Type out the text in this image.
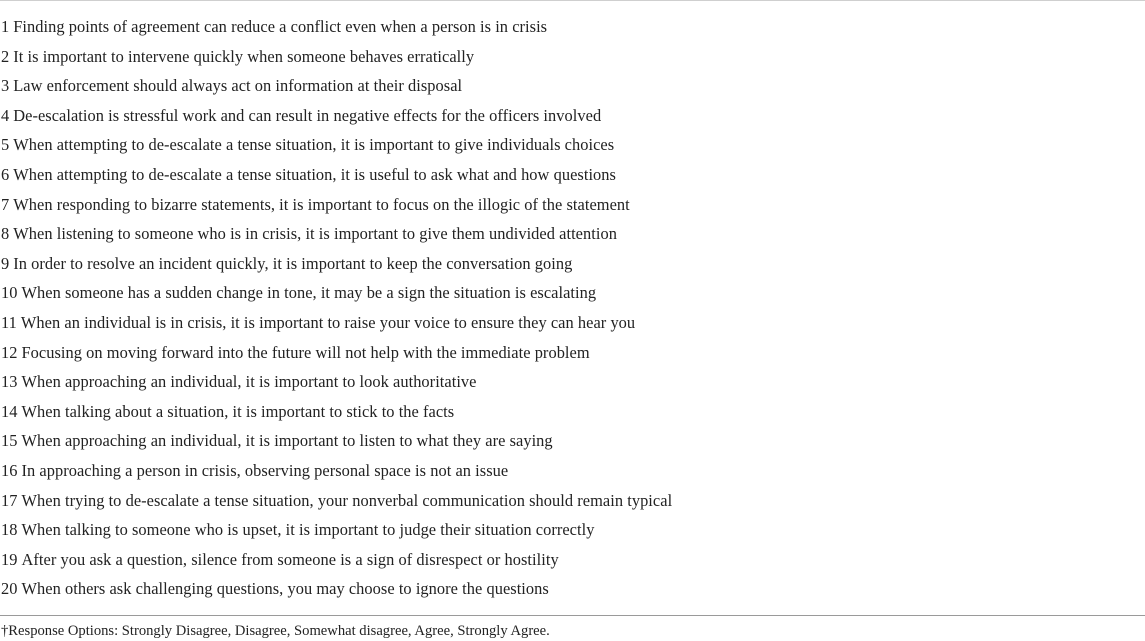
1 Finding points of agreement can reduce a conflict even when a person is in crisis
2 It is important to intervene quickly when someone behaves erratically
3 Law enforcement should always act on information at their disposal
4 De-escalation is stressful work and can result in negative effects for the officers involved
5 When attempting to de-escalate a tense situation, it is important to give individuals choices
6 When attempting to de-escalate a tense situation, it is useful to ask what and how questions
7 When responding to bizarre statements, it is important to focus on the illogic of the statement
8 When listening to someone who is in crisis, it is important to give them undivided attention
9 In order to resolve an incident quickly, it is important to keep the conversation going
10 When someone has a sudden change in tone, it may be a sign the situation is escalating
11 When an individual is in crisis, it is important to raise your voice to ensure they can hear you
12 Focusing on moving forward into the future will not help with the immediate problem
13 When approaching an individual, it is important to look authoritative
14 When talking about a situation, it is important to stick to the facts
15 When approaching an individual, it is important to listen to what they are saying
16 In approaching a person in crisis, observing personal space is not an issue
17 When trying to de-escalate a tense situation, your nonverbal communication should remain typical
18 When talking to someone who is upset, it is important to judge their situation correctly
19 After you ask a question, silence from someone is a sign of disrespect or hostility
20 When others ask challenging questions, you may choose to ignore the questions
†Response Options: Strongly Disagree, Disagree, Somewhat disagree, Agree, Strongly Agree.
